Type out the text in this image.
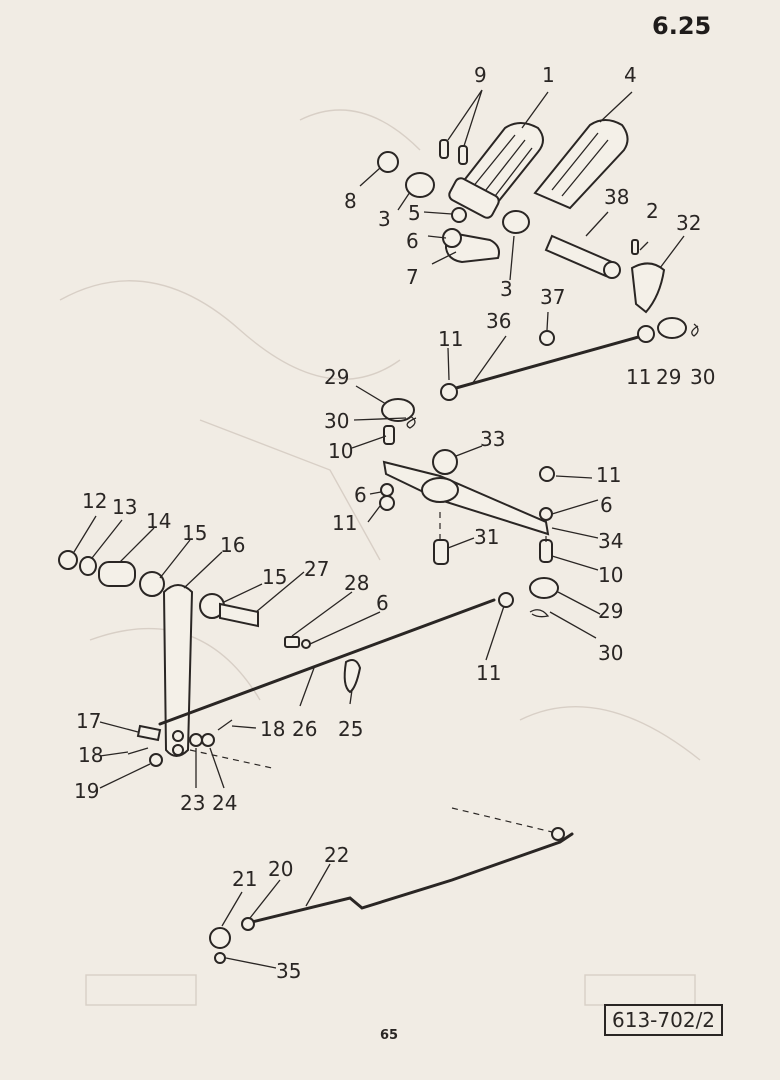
6.25
9	1	4
8
3 5
6
7	3
38
2 32
37
36
11
11 29 30
29
30
10	33
11
6
6
11
31	34
10
12 13
14 15 16
15 27
28
6	29
30
11
17	18 26 25
18
19	23 24
22
20
21
35
65
613-702/2
